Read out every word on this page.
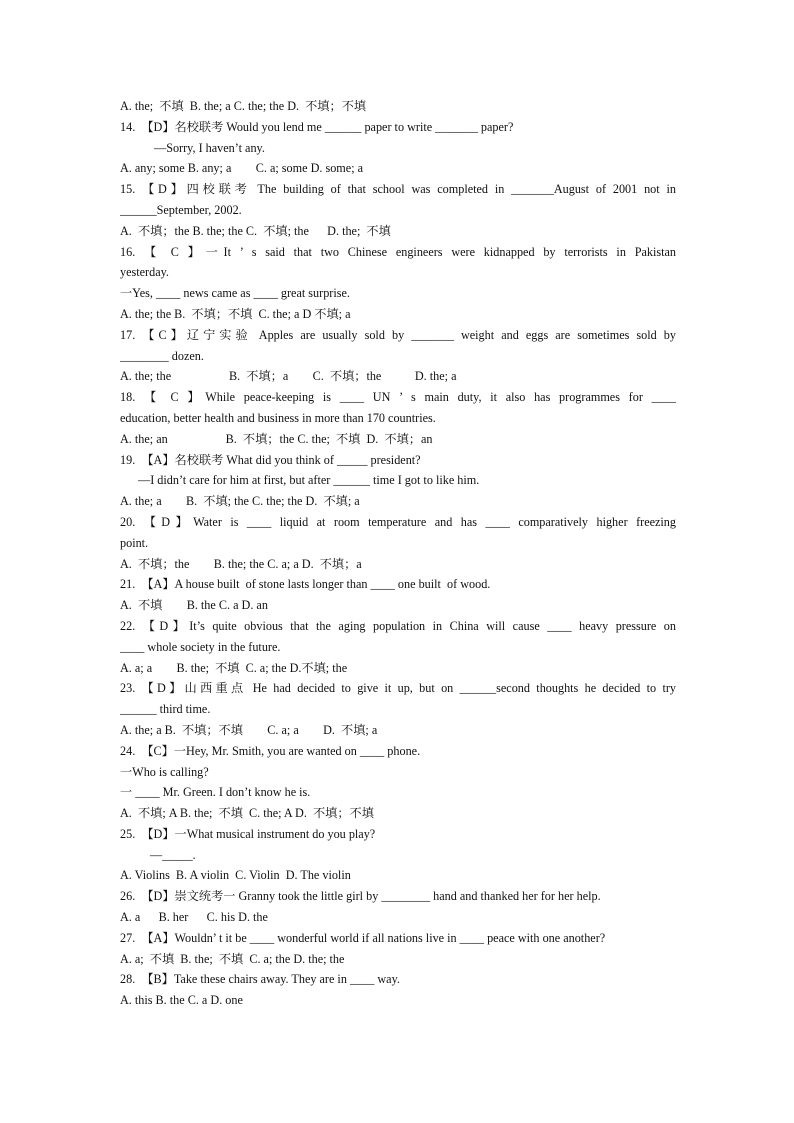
A. the;  不填  B. the; a C. the; the D.  不填；不填
14.  【D】名校联考 Would you lend me ______ paper to write _______ paper?
—Sorry, I haven’t any.
A. any; some B. any; a        C. a; some D. some; a
15. 【D】四校联考 The building of that school was completed in _______August of 2001 not in
______September, 2002.
A.  不填；the B. the; the C.  不填; the      D. the;  不填
16. 【 C 】一It ’ s said that two Chinese engineers were kidnapped by terrorists in Pakistan
yesterday.
一Yes, ____ news came as ____ great surprise.
A. the; the B.  不填；不填  C. the; a D 不填; a
17. 【C】辽宁实验 Apples are usually sold by _______ weight and eggs are sometimes sold by
________ dozen.
A. the; the                   B.  不填；a        C.  不填；the           D. the; a
18. 【 C 】While peace-keeping is ____ UN ’ s main duty, it also has programmes for ____
education, better health and business in more than 170 countries.
A. the; an                   B.  不填；the C. the;  不填  D.  不填；an
19.  【A】名校联考 What did you think of _____ president?
—I didn’t care for him at first, but after ______ time I got to like him.
A. the; a        B.  不填; the C. the; the D.  不填; a
20. 【D】Water is ____ liquid at room temperature and has ____ comparatively higher freezing
point.
A.  不填；the        B. the; the C. a; a D.  不填；a
21.  【A】A house built  of stone lasts longer than ____ one built  of wood.
A.  不填        B. the C. a D. an
22. 【D】It’s quite obvious that the aging population in China will cause ____ heavy pressure on
____ whole society in the future.
A. a; a        B. the;  不填  C. a; the D.不填; the
23. 【D】山西重点 He had decided to give it up, but on ______second thoughts he decided to try
______ third time.
A. the; a B.  不填；不填        C. a; a        D.  不填; a
24.  【C】一Hey, Mr. Smith, you are wanted on ____ phone.
一Who is calling?
一 ____ Mr. Green. I don’t know he is.
A.  不填; A B. the;  不填  C. the; A D.  不填；不填
25.  【D】一What musical instrument do you play?
—_____.
A. Violins  B. A violin  C. Violin  D. The violin
26.  【D】崇文统考一 Granny took the little girl by ________ hand and thanked her for her help.
A. a      B. her      C. his D. the
27.  【A】Wouldn’ t it be ____ wonderful world if all nations live in ____ peace with one another?
A. a;  不填  B. the;  不填  C. a; the D. the; the
28.  【B】Take these chairs away. They are in ____ way.
A. this B. the C. a D. one
